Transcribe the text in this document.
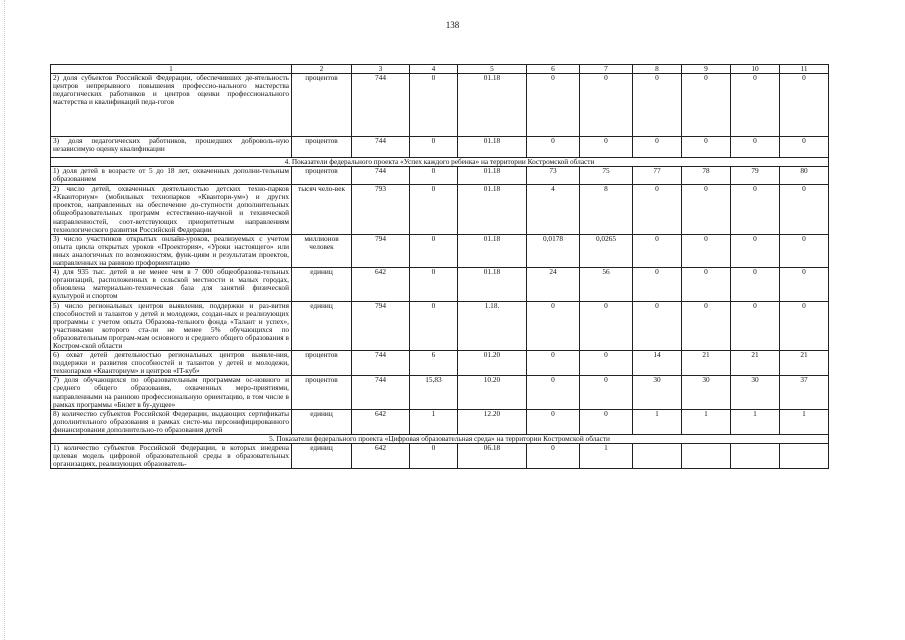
138
1	2	3	4	5	6	7	8	9	10	11
2) доля субъектов Российской Федерации, обеспечивших де-ятельность центров непрерывного повышения профессио-нального мастерства педагогических работников и центров оценки профессионального мастерства и квалификаций педа-гогов	процентов	744	0	01.18	0	0	0	0	0	0
3) доля педагогических работников, прошедших доброволь-ную независимую оценку квалификации	процентов	744	0	01.18	0	0	0	0	0	0
4. Показатели федерального проекта «Успех каждого ребенка» на территории Костромской области										
1) доля детей в возрасте от 5 до 18 лет, охваченных дополни-тельным образованием	процентов	744	0	01.18	73	75	77	78	79	80
2) число детей, охваченных деятельностью детских техно-парков «Кванториум» (мобильных технопарков «Квантори-ум») и других проектов, направленных на обеспечение до-ступности дополнительных общеобразовательных программ естественно-научной и технической направленностей, соот-ветствующих приоритетным направлениям технологического развития Российской Федерации	тысяч чело-век	793	0	01.18	4	8	0	0	0	0
3) число участников открытых онлайн-уроков, реализуемых с учетом опыта цикла открытых уроков «Проектория», «Уроки настоящего» или иных аналогичных по возможностям, функ-циям и результатам проектов, направленных на раннюю профориентацию	миллионов человек	794	0	01.18	0,0178	0,0265	0	0	0	0
4) для 935 тыс. детей в не менее чем в 7 000 общеобразова-тельных организаций, расположенных в сельской местности и малых городах, обновлена материально-техническая база для занятий физической культурой и спортом	единиц	642	0	01.18	24	56	0	0	0	0
5) число региональных центров выявления, поддержки и раз-вития способностей и талантов у детей и молодежи, создан-ных и реализующих программы с учетом опыта Образова-тельного фонда «Талант и успех», участниками которого ста-ли не менее 5% обучающихся по образовательным програм-мам основного и среднего общего образования в Костром-ской области	единиц	794	0	1.18.	0	0	0	0	0	0
6) охват детей деятельностью региональных центров выявле-ния, поддержки и развития способностей и талантов у детей и молодежи, технопарков «Кванториум» и центров «IT-куб»	процентов	744	6	01.20	0	0	14	21	21	21
7) доля обучающихся по образовательным программам ос-новного и среднего общего образования, охваченных меро-приятиями, направленными на раннюю профессиональную ориентацию, в том числе в рамках программы «Билет в бу-дущее»	процентов	744	15,83	10.20	0	0	30	30	30	37
8) количество субъектов Российской Федерации, выдающих сертификаты дополнительного образования в рамках систе-мы персонифицированного финансирования дополнительно-го образования детей	единиц	642	1	12.20	0	0	1	1	1	1
5. Показатели федерального проекта «Цифровая образовательная среда» на территории Костромской области										
1) количество субъектов Российской Федерации, в которых внедрена целевая модель цифровой образовательной среды в образовательных организациях, реализующих образователь-	единиц	642	0	06.18	0	1				
